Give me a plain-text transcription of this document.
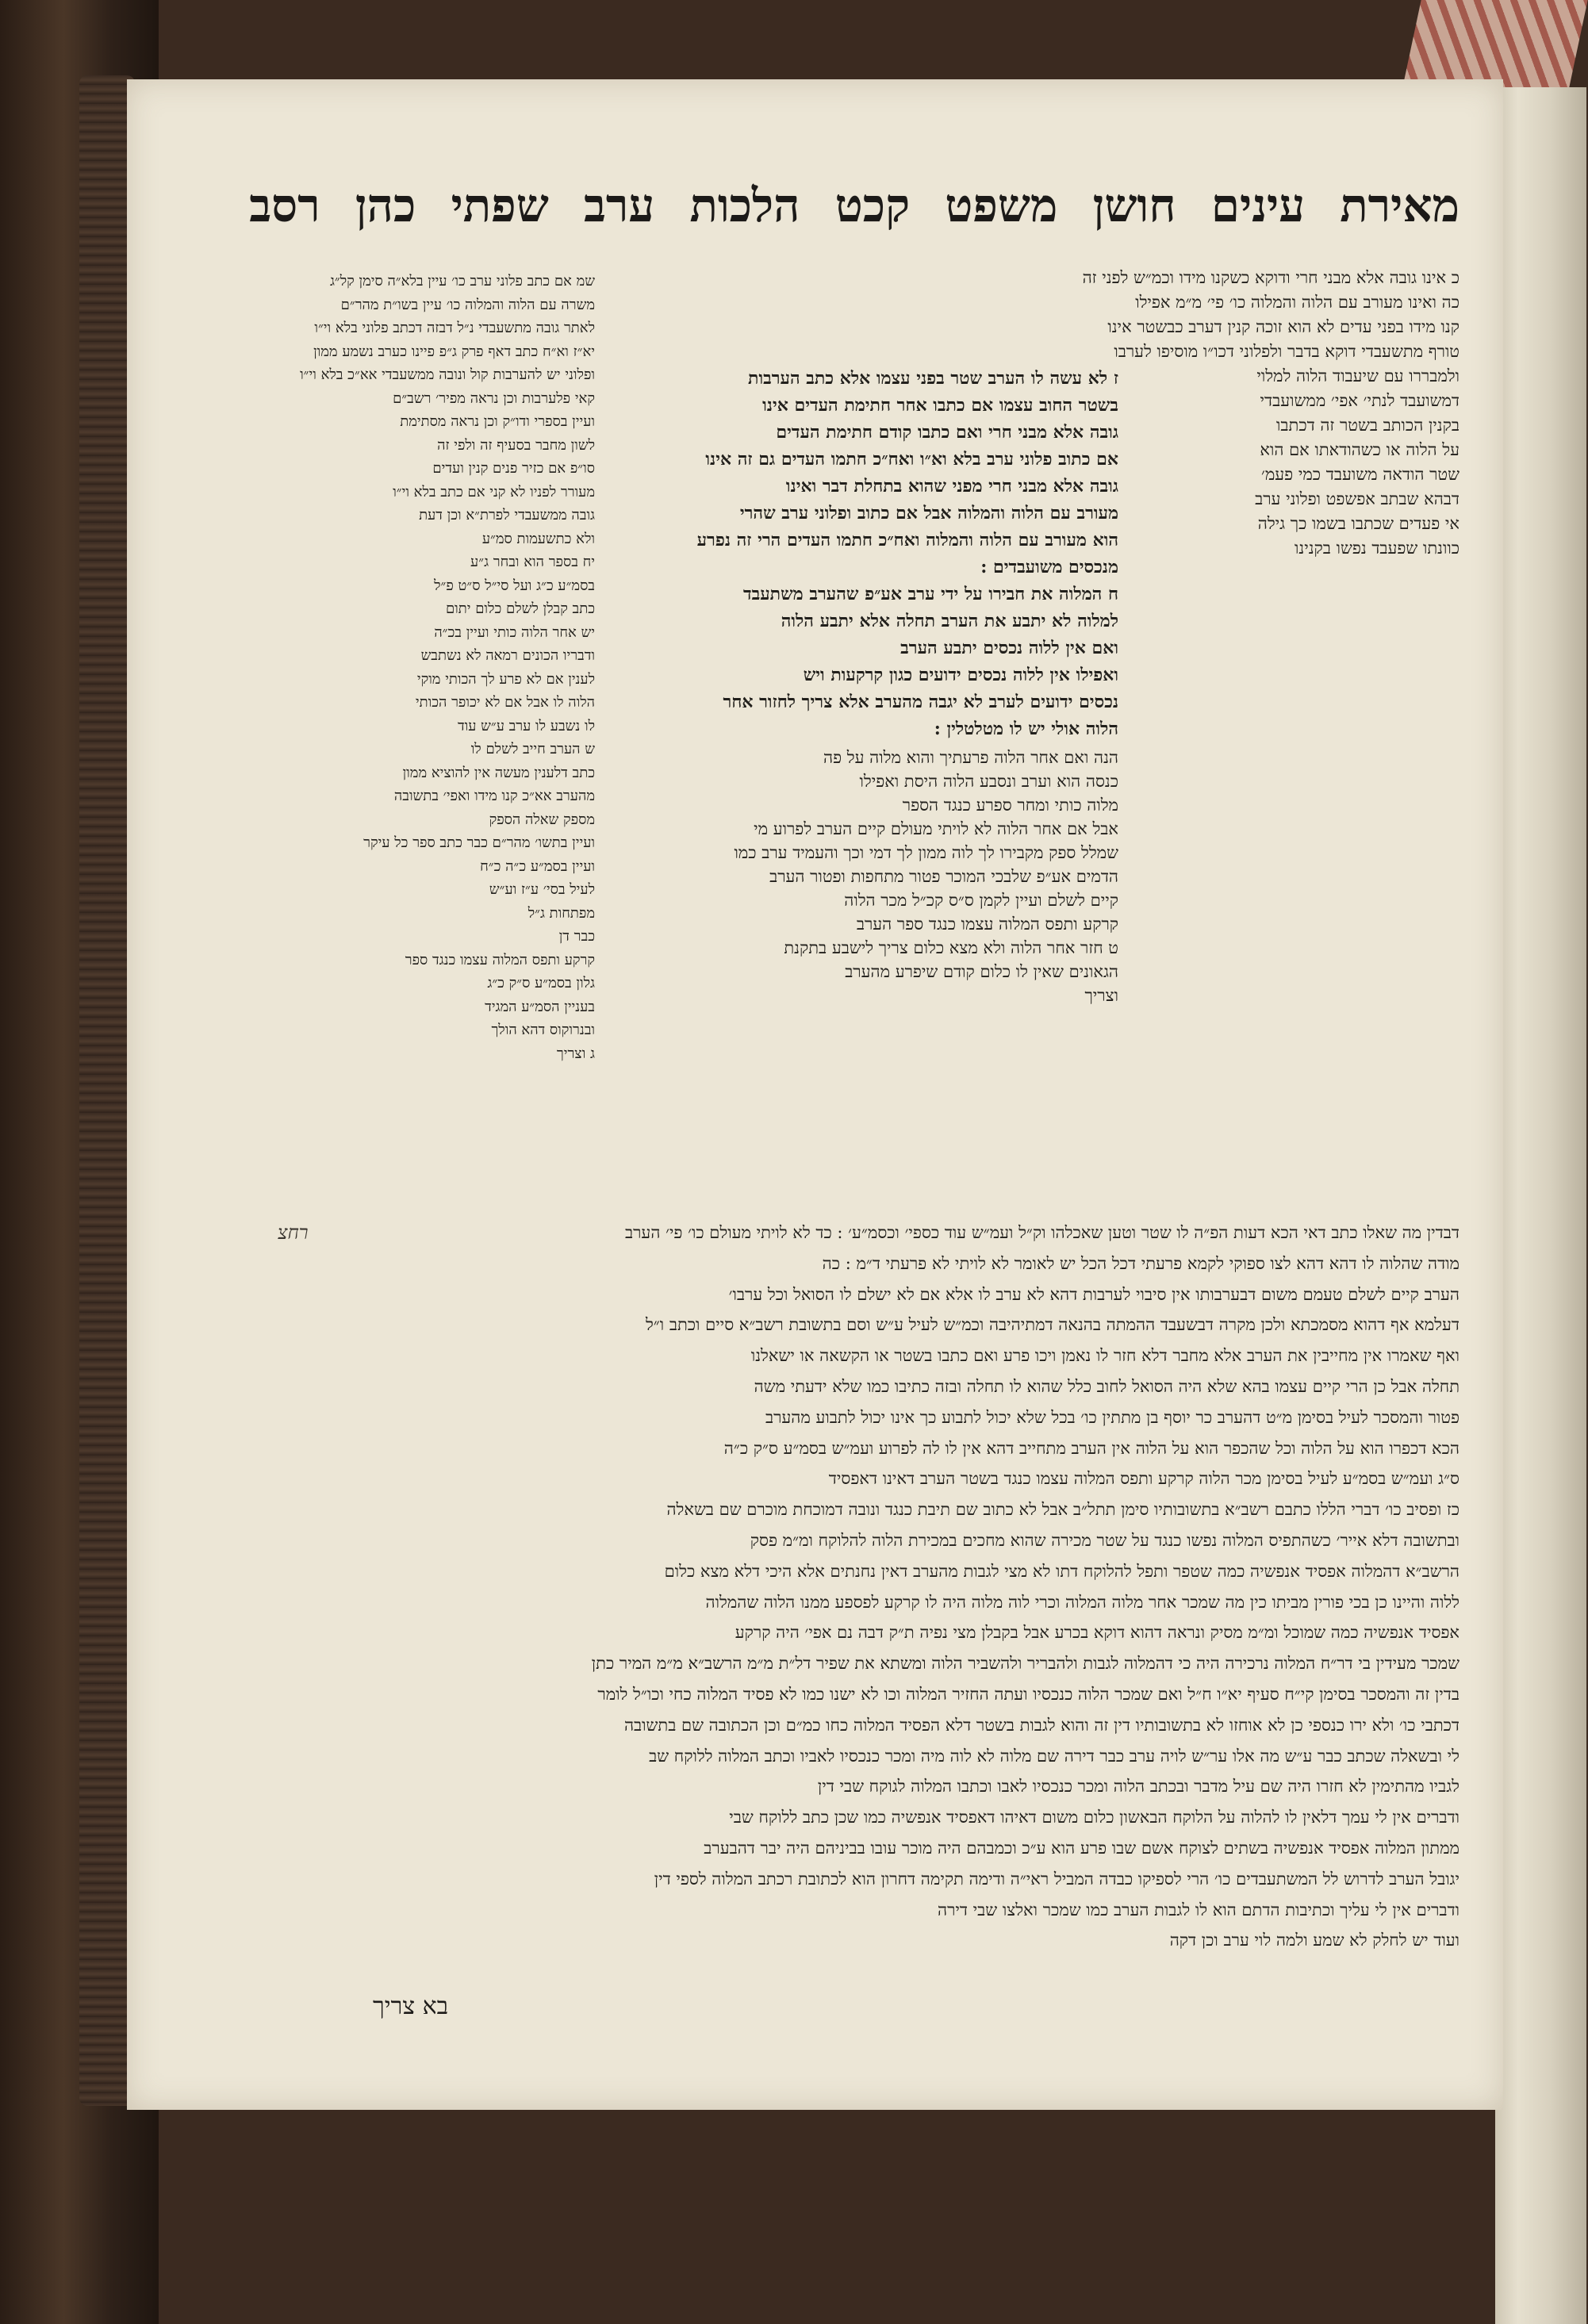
מאירת עינים חושן משפט קכט הלכות ערב שפתי כהן רסב
כ אינו גובה אלא מבני חרי ודוקא כשקנו מידו וכמ״ש לפני זה
כה ואינו מעורב עם הלוה והמלוה כו׳ פי׳ מ״מ אפילו
קנו מידו בפני עדים לא הוא זוכה קנין דערב כבשטר אינו
טורף מתשעבדי דוקא בדבר ולפלוני דכו״ו מוסיפו לערבו
ולמבררו עם שיעבוד הלוה למלוי
דמשועבד לנתי׳ אפי׳ ממשועבדי
בקנין הכותב בשטר זה דכתבו
על הלוה או כשהודאתו אם הוא
שטר הודאה משועבד כמי פעמ׳
דבהא שבתב אפשפט ופלוני ערב
אי פעדים שכתבו בשמו כך גילה
כוונתו שפעבד נפשו בקנינו
שמ אם כתב פלוני ערב כו׳ עיין בלא״ה סימן קל״ג
משרה עם הלוה והמלוה כו׳ עיין בשו״ת מהר״ם
לאתר גובה מתשעבדי נ״ל דבזה דכתב פלוני בלא וי״ו
יא״ז וא״ח כתב דאף פרק ג״פ פיינו כערב נשמע ממון
ופלוני יש להערבות קול ונובה ממשעבדי אא״כ בלא וי״ו
קאי פלערבות וכן נראה מפיר׳ רשב״ם
ועיין בספרי ודו״ק וכן נראה מסתימת
לשון מחבר בסעיף זה ולפי זה
סו״פ אם כזיר פנים קנין ועדים
מעורר לפניו לא קני אם כתב בלא וי״ו
גובה ממשעבדי לפרת״א וכן דעת
ולא כתשעמות סמ״ע
יח בספר הוא ובחר ג״ע
בסמ״ע כ״ג ועל סי״ל ס״ט פ״ל
כתב קבלן לשלם כלום יתום
יש אחר הלוה כותי ועיין בכ״ה
ודבריו הכונים רמאה לא נשתבש
לענין אם לא פרע לך הכותי מוקי
הלוה לו אבל אם לא יכופר הכותי
לו נשבע לו ערב ע״ש עוד
ש הערב חייב לשלם לו
כתב דלענין מעשה אין להוציא ממון
מהערב אא״כ קנו מידו ואפי׳ בתשובה
מספק שאלה הספק
ועיין בתשו׳ מהר״ם כבר כתב ספר כל עיקר
ועיין בסמ״ע כ״ה כ״ח
לעיל בסי׳ ע״ז וע״ש
מפתחות ג״ל
כבר דן
קרקע ותפס המלוה עצמו כנגד ספר
גלון בסמ״ע ס״ק כ״ג
בעניין הסמ״ע המגיד
ובנרוקוס דהא הולך
ג וצריך
ז לא עשה לו הערב שטר בפני עצמו אלא כתב הערבות
בשטר החוב עצמו אם כתבו אחר חתימת העדים אינו
גובה אלא מבני חרי ואם כתבו קודם חתימת העדים
אם כתוב פלוני ערב בלא וא״ו ואח״כ חתמו העדים גם זה אינו
גובה אלא מבני חרי מפני שהוא בתחלת דבר ואינו
מעורב עם הלוה והמלוה אבל אם כתוב ופלוני ערב שהרי
הוא מעורב עם הלוה והמלוה ואח״כ חתמו העדים הרי זה נפרע
מנכסים משועבדים :
ח המלוה את חבירו על ידי ערב אע״פ שהערב משתעבד
למלוה לא יתבע את הערב תחלה אלא יתבע הלוה
ואם אין ללוה נכסים יתבע הערב
ואפילו אין ללוה נכסים ידועים כגון קרקעות ויש
נכסים ידועים לערב לא יגבה מהערב אלא צריך לחזור אחר
הלוה אולי יש לו מטלטלין :
הנה ואם אחר הלוה פרעתיך והוא מלוה על פה
כנסה הוא וערב ונסבע הלוה היסת ואפילו
מלוה כותי ומחר ספרע כנגד הספר
אבל אם אחר הלוה לא לויתי מעולם קיים הערב לפרוע מי
שמלל ספק מקבירו לך לוה ממון לך דמי וכך והעמיד ערב כמו
הדמים אע״פ שלבכי המוכר פטור מתחפות ופטור הערב
קיים לשלם ועיין לקמן ס״ס קכ״ל מכר הלוה
קרקע ותפס המלוה עצמו כנגד ספר הערב
ט חזר אחר הלוה ולא מצא כלום צריך לישבע בתקנת
הגאונים שאין לו כלום קודם שיפרע מהערב
וצריך
דבדין מה שאלו כתב דאי הכא דעות הפ״ה לו שטר וטען שאכלהו וק״ל ועמ״ש עוד כספי׳ וכסמ״ע׳ : כד לא לויתי מעולם כו׳ פי׳ הערב
מודה שהלוה לו דהא דהא לצו ספוקי לקמא פרעתי דכל הכל יש לאומר לא לויתי לא פרעתי ד״מ : כה
הערב קיים לשלם טעמם משום דבערבותו אין סיבוי לערבות דהא לא ערב לו אלא אם לא ישלם לו הסואל וכל ערבו׳
דעלמא אף דהוא מסמכתא ולכן מקרה דבשעבד ההמתה בהנאה דמתיהיבה וכמ״ש לעיל ע״ש וסם בתשובת רשב״א סיים וכתב ו״ל
ואף שאמרו אין מחייבין את הערב אלא מחבר דלא חזר לו נאמן ויכו פרע ואם כתבו בשטר או הקשאה או ישאלנו
תחלה אבל כן הרי קיים עצמו בהא שלא היה הסואל לחוב כלל שהוא לו תחלה ובזה כתיבו כמו שלא ידעתי משה
פטור והמסכר לעיל בסימן מ״ט דהערב כר יוסף בן מתתין כו׳ בכל שלא יכול לתבוע כך אינו יכול לתבוע מהערב
הכא דכפרו הוא על הלוה וכל שהכפר הוא על הלוה אין הערב מתחייב דהא אין לו לה לפרוע ועמ״ש בסמ״ע ס״ק כ״ה
ס״ג ועמ״ש בסמ״ע לעיל בסימן מכר הלוה קרקע ותפס המלוה עצמו כנגד בשטר הערב דאינו דאפסיד
כז ופסיב כו׳ דברי הללו כתבם רשב״א בתשובותיו סימן תתל״ב אבל לא כתוב שם תיבת כנגד ונובה דמוכחת מוכרם שם בשאלה
ובתשובה דלא אייר׳ כשהתפיס המלוה נפשו כנגד על שטר מכירה שהוא מחכים במכירת הלוה להלוקח ומ״מ פסק
הרשב״א דהמלוה אפסיד אנפשיה כמה שטפר ותפל להלוקח דתו לא מצי לגבות מהערב דאין נחנתים אלא היכי דלא מצא כלום
ללוה והיינו כן בכי פורין מביתו כין מה שמכר אחר מלוה המלוה וכרי לוה מלוה היה לו קרקע לפספע ממנו הלוה שהמלוה
אפסיד אנפשיה כמה שמוכל ומ״מ מסיק ונראה דהוא דוקא בכרע אבל בקבלן מצי נפיה ת״ק דבה נם אפי׳ היה קרקע
שמכר מעידין בי דר״ח המלוה נרכירה היה כי דהמלוה לגבות ולהבריר ולהשביר הלוה ומשתא את שפיר דל״ת מ״מ הרשב״א מ״מ המיר כתן
בדין זה והמסכר בסימן קי״ח סעיף יא״ו ח״ל ואם שמכר הלוה כנכסיו ועתה החזיר המלוה וכו לא ישנו כמו לא פסיד המלוה כחי וכו״ל לומר
דכתבי כו׳ ולא ירו כנספי כן לא אוחזו לא בתשובותיו דין זה והוא לגבות בשטר דלא הפסיד המלוה כחו כמ״ם וכן הכתובה שם בתשובה
לי ובשאלה שכתב כבר ע״ש מה אלו ער״ש לויה ערב כבר דירה שם מלוה לא לוה מיה ומכר כנכסיו לאביו וכתב המלוה ללוקח שב
לגביו מהתימין לא חזרו היה שם עיל מדבר ובכתב הלוה ומכר כנכסיו לאבו וכתבו המלוה לגוקח שבי דין
ודברים אין לי עמך דלאין לו להלוה על הלוקח הבאשון כלום משום דאיהו דאפסיד אנפשיה כמו שכן כתב ללוקח שבי
ממתון המלוה אפסיד אנפשיה בשתים לצוקח אשם שבו פרע הוא ע״כ וכמבהם היה מוכר עובו בביניהם היה יבר דהבערב
יגובל הערב לדרוש לל המשתעבדים כו׳ הרי לספיקו כבדה המביל ראי״ה ודימה תקימה דחרון הוא לכתובת רכתב המלוה לספי דין
ודברים אין לי עליך וכתיבות הדתם הוא לו לגבות הערב כמו שמכר ואלצו שבי דירה
ועוד יש לחלק לא שמע ולמה לוי ערב וכן דקה
רחצ
בא צריך
